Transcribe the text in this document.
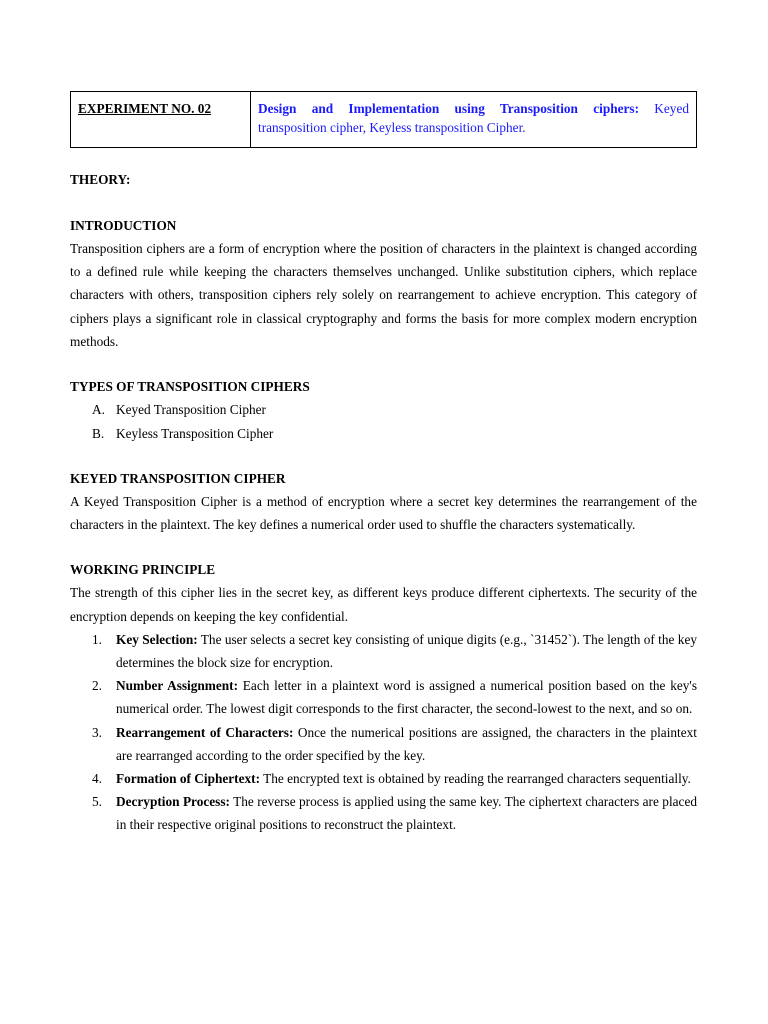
EXPERIMENT NO. 02	Design and Implementation using Transposition ciphers: Keyed transposition cipher, Keyless transposition Cipher.
THEORY:
INTRODUCTION

Transposition ciphers are a form of encryption where the position of characters in the plaintext is changed according to a defined rule while keeping the characters themselves unchanged. Unlike substitution ciphers, which replace characters with others, transposition ciphers rely solely on rearrangement to achieve encryption. This category of ciphers plays a significant role in classical cryptography and forms the basis for more complex modern encryption methods.

TYPES OF TRANSPOSITION CIPHERS
A. Keyed Transposition Cipher
B. Keyless Transposition Cipher
KEYED TRANSPOSITION CIPHER

A Keyed Transposition Cipher is a method of encryption where a secret key determines the rearrangement of the characters in the plaintext. The key defines a numerical order used to shuffle the characters systematically.

WORKING PRINCIPLE

The strength of this cipher lies in the secret key, as different keys produce different ciphertexts. The security of the encryption depends on keeping the key confidential.

1. Key Selection: The user selects a secret key consisting of unique digits (e.g., `31452`). The length of the key determines the block size for encryption.
2. Number Assignment: Each letter in a plaintext word is assigned a numerical position based on the key's numerical order. The lowest digit corresponds to the first character, the second-lowest to the next, and so on.
3. Rearrangement of Characters: Once the numerical positions are assigned, the characters in the plaintext are rearranged according to the order specified by the key.
4. Formation of Ciphertext: The encrypted text is obtained by reading the rearranged characters sequentially.
5. Decryption Process: The reverse process is applied using the same key. The ciphertext characters are placed in their respective original positions to reconstruct the plaintext.
